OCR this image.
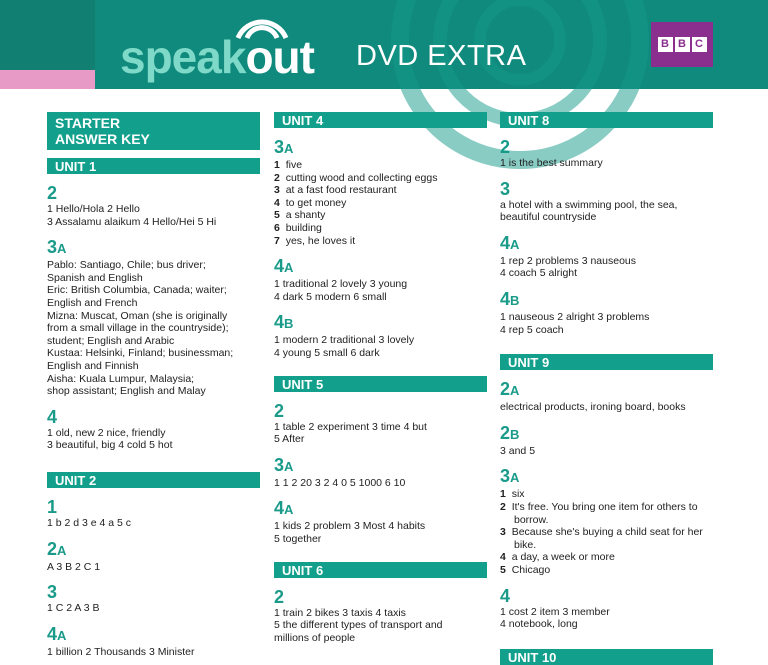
speakout DVD EXTRA	B B C
STARTER
ANSWER KEY
UNIT 1
2
1 Hello/Hola 2 Hello
3 Assalamu alaikum 4 Hello/Hei 5 Hi
3A
Pablo: Santiago, Chile; bus driver;
Spanish and English
Eric: British Columbia, Canada; waiter;
English and French
Mizna: Muscat, Oman (she is originally
from a small village in the countryside);
student; English and Arabic
Kustaa: Helsinki, Finland; businessman;
English and Finnish
Aisha: Kuala Lumpur, Malaysia;
shop assistant; English and Malay
4
1 old, new 2 nice, friendly
3 beautiful, big 4 cold 5 hot
UNIT 2
1
1 b 2 d 3 e 4 a 5 c
2A
A 3 B 2 C 1
3
1 C 2 A 3 B
4A
1 billion 2 Thousands 3 Minister
UNIT 4
3A
1 five
2 cutting wood and collecting eggs
3 at a fast food restaurant
4 to get money
5 a shanty
6 building
7 yes, he loves it
4A
1 traditional 2 lovely 3 young
4 dark 5 modern 6 small
4B
1 modern 2 traditional 3 lovely
4 young 5 small 6 dark
UNIT 5
2
1 table 2 experiment 3 time 4 but
5 After
3A
1 1 2 20 3 2 4 0 5 1000 6 10
4A
1 kids 2 problem 3 Most 4 habits
5 together
UNIT 6
2
1 train 2 bikes 3 taxis 4 taxis
5 the different types of transport and
millions of people
UNIT 8
2
1 is the best summary
3
a hotel with a swimming pool, the sea,
beautiful countryside
4A
1 rep 2 problems 3 nauseous
4 coach 5 alright
4B
1 nauseous 2 alright 3 problems
4 rep 5 coach
UNIT 9
2A
electrical products, ironing board, books
2B
3 and 5
3A
1 six
2 It's free. You bring one item for others to borrow.
3 Because she's buying a child seat for her bike.
4 a day, a week or more
5 Chicago
4
1 cost 2 item 3 member
4 notebook, long
UNIT 10
